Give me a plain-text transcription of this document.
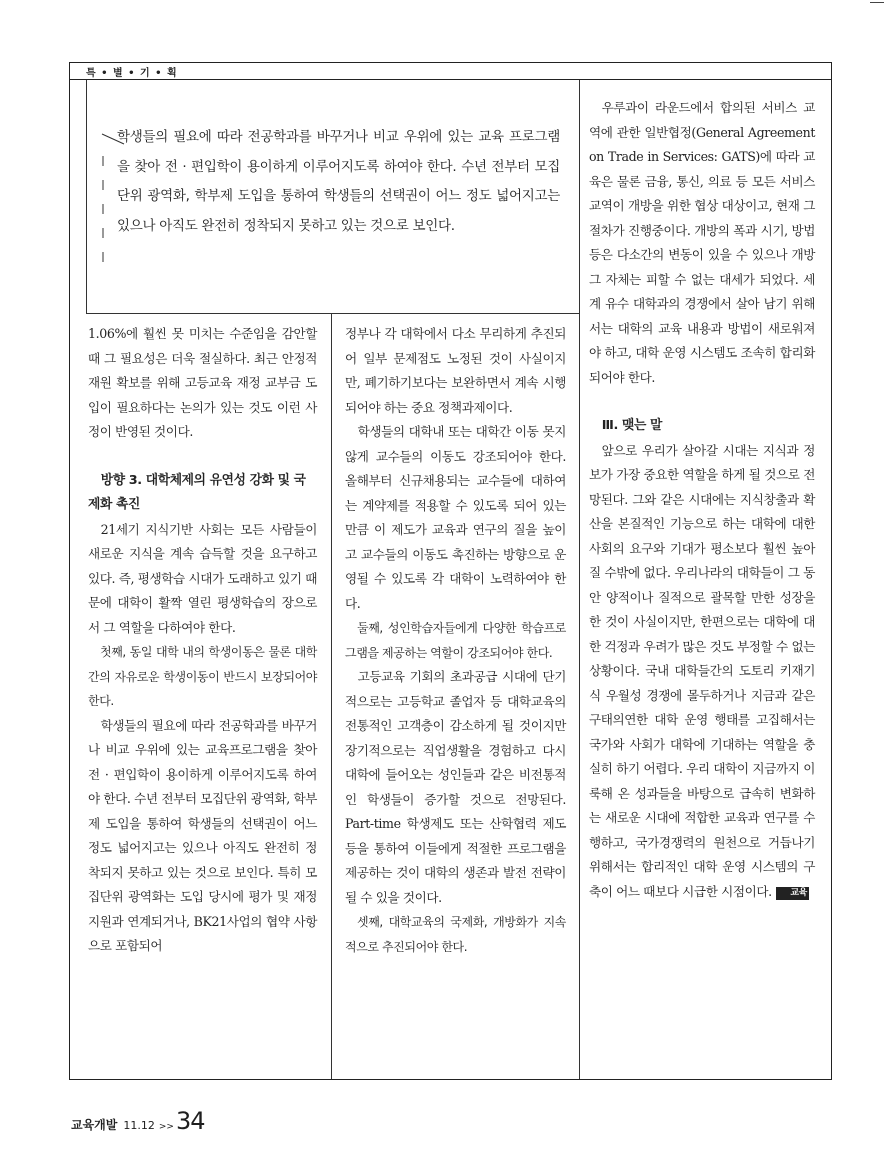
특 • 별 • 기 • 획

학생들의 필요에 따라 전공학과를 바꾸거나 비교 우위에 있는 교육 프로그램을 찾아 전 · 편입학이 용이하게 이루어지도록 하여야 한다. 수년 전부터 모집단위 광역화, 학부제 도입을 통하여 학생들의 선택권이 어느 정도 넓어지고는 있으나 아직도 완전히 정착되지 못하고 있는 것으로 보인다.

1.06%에 훨씬 못 미치는 수준임을 감안할 때 그 필요성은 더욱 절실하다. 최근 안정적 재원 확보를 위해 고등교육 재정 교부금 도입이 필요하다는 논의가 있는 것도 이런 사정이 반영된 것이다.

방향 3. 대학체제의 유연성 강화 및 국제화 촉진

21세기 지식기반 사회는 모든 사람들이 새로운 지식을 계속 습득할 것을 요구하고 있다. 즉, 평생학습 시대가 도래하고 있기 때문에 대학이 활짝 열린 평생학습의 장으로서 그 역할을 다하여야 한다.

첫째, 동일 대학 내의 학생이동은 물론 대학간의 자유로운 학생이동이 반드시 보장되어야 한다.

학생들의 필요에 따라 전공학과를 바꾸거나 비교 우위에 있는 교육프로그램을 찾아 전 · 편입학이 용이하게 이루어지도록 하여야 한다. 수년 전부터 모집단위 광역화, 학부제 도입을 통하여 학생들의 선택권이 어느 정도 넓어지고는 있으나 아직도 완전히 정착되지 못하고 있는 것으로 보인다. 특히 모집단위 광역화는 도입 당시에 평가 및 재정지원과 연계되거나, BK21사업의 협약 사항으로 포함되어

정부나 각 대학에서 다소 무리하게 추진되어 일부 문제점도 노정된 것이 사실이지만, 폐기하기보다는 보완하면서 계속 시행되어야 하는 중요 정책과제이다.

학생들의 대학내 또는 대학간 이동 못지 않게 교수들의 이동도 강조되어야 한다. 올해부터 신규채용되는 교수들에 대하여는 계약제를 적용할 수 있도록 되어 있는 만큼 이 제도가 교육과 연구의 질을 높이고 교수들의 이동도 촉진하는 방향으로 운영될 수 있도록 각 대학이 노력하여야 한다.

둘째, 성인학습자들에게 다양한 학습프로그램을 제공하는 역할이 강조되어야 한다.

고등교육 기회의 초과공급 시대에 단기적으로는 고등학교 졸업자 등 대학교육의 전통적인 고객층이 감소하게 될 것이지만 장기적으로는 직업생활을 경험하고 다시 대학에 들어오는 성인들과 같은 비전통적인 학생들이 증가할 것으로 전망된다. Part-time 학생제도 또는 산학협력 제도 등을 통하여 이들에게 적절한 프로그램을 제공하는 것이 대학의 생존과 발전 전략이 될 수 있을 것이다.

셋째, 대학교육의 국제화, 개방화가 지속적으로 추진되어야 한다.

우루과이 라운드에서 합의된 서비스 교역에 관한 일반협정(General Agreement on Trade in Services: GATS)에 따라 교육은 물론 금융, 통신, 의료 등 모든 서비스 교역이 개방을 위한 협상 대상이고, 현재 그 절차가 진행중이다. 개방의 폭과 시기, 방법 등은 다소간의 변동이 있을 수 있으나 개방 그 자체는 피할 수 없는 대세가 되었다. 세계 유수 대학과의 경쟁에서 살아 남기 위해서는 대학의 교육 내용과 방법이 새로워져야 하고, 대학 운영 시스템도 조속히 합리화되어야 한다.

Ⅲ. 맺는 말

앞으로 우리가 살아갈 시대는 지식과 정보가 가장 중요한 역할을 하게 될 것으로 전망된다. 그와 같은 시대에는 지식창출과 확산을 본질적인 기능으로 하는 대학에 대한 사회의 요구와 기대가 평소보다 훨씬 높아질 수밖에 없다. 우리나라의 대학들이 그 동안 양적이나 질적으로 괄목할 만한 성장을 한 것이 사실이지만, 한편으로는 대학에 대한 걱정과 우려가 많은 것도 부정할 수 없는 상황이다. 국내 대학들간의 도토리 키재기식 우월성 경쟁에 몰두하거나 지금과 같은 구태의연한 대학 운영 행태를 고집해서는 국가와 사회가 대학에 기대하는 역할을 충실히 하기 어렵다. 우리 대학이 지금까지 이룩해 온 성과들을 바탕으로 급속히 변화하는 새로운 시대에 적합한 교육과 연구를 수행하고, 국가경쟁력의 원천으로 거듭나기 위해서는 합리적인 대학 운영 시스템의 구축이 어느 때보다 시급한 시점이다. 교육

교육개발 11.12 >> 34
